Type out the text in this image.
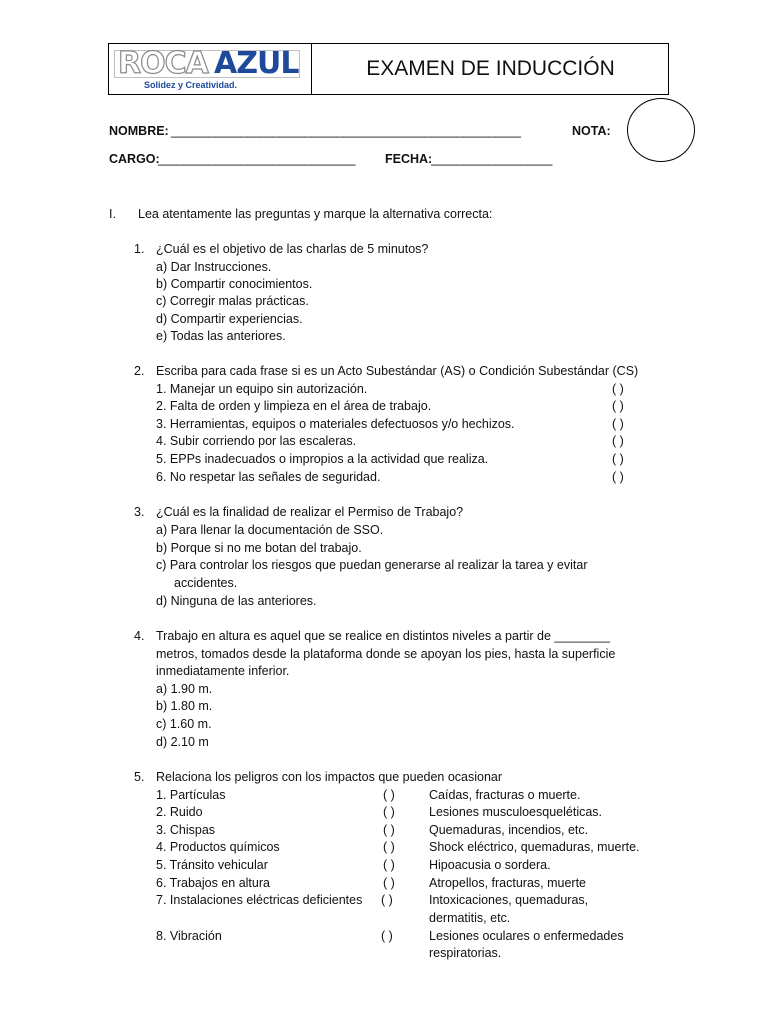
ROCA AZUL
Solidez y Creatividad.
EXAMEN DE INDUCCIÓN
NOMBRE: _______________________________________________________	NOTA:
CARGO:
_______________________________ FECHA:
___________________
I. Lea atentamente las preguntas y marque la alternativa correcta:
1. ¿Cuál es el objetivo de las charlas de 5 minutos?
a) Dar Instrucciones.
b) Compartir conocimientos.
c) Corregir malas prácticas.
d) Compartir experiencias.
e) Todas las anteriores.
2. Escriba para cada frase si es un Acto Subestándar (AS) o Condición Subestándar (CS)
1. Manejar un equipo sin autorización.	( )
2. Falta de orden y limpieza en el área de trabajo.	( )
3. Herramientas, equipos o materiales defectuosos y/o hechizos.	( )
4. Subir corriendo por las escaleras.	( )
5. EPPs inadecuados o impropios a la actividad que realiza.	( )
6. No respetar las señales de seguridad.	( )
3. ¿Cuál es la finalidad de realizar el Permiso de Trabajo?
a) Para llenar la documentación de SSO.
b) Porque si no me botan del trabajo.
c) Para controlar los riesgos que puedan generarse al realizar la tarea y evitar
accidentes.
d) Ninguna de las anteriores.
4. Trabajo en altura es aquel que se realice en distintos niveles a partir de ________
metros, tomados desde la plataforma donde se apoyan los pies, hasta la superficie
inmediatamente inferior.
a) 1.90 m.
b) 1.80 m.
c) 1.60 m.
d) 2.10 m
5. Relaciona los peligros con los impactos que pueden ocasionar
1. Partículas	( )	Caídas, fracturas o muerte.
2. Ruido	( )	Lesiones musculoesqueléticas.
3. Chispas	( )	Quemaduras, incendios, etc.
4. Productos químicos	( )	Shock eléctrico, quemaduras, muerte.
5. Tránsito vehicular	( )	Hipoacusia o sordera.
6. Trabajos en altura	( )	Atropellos, fracturas, muerte
7. Instalaciones eléctricas deficientes ( )	Intoxicaciones, quemaduras,
dermatitis, etc.
8. Vibración	( )	Lesiones oculares o enfermedades
respiratorias.
